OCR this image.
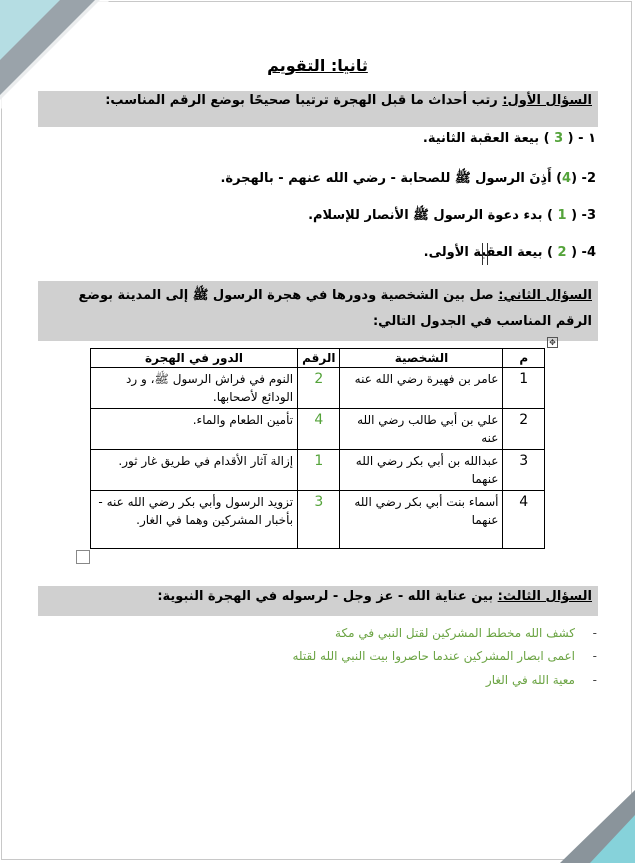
ثانيا: التقويم
السؤال الأول: رتب أحداث ما قبل الهجرة ترتيبا صحيحًا بوضع الرقم المناسب:
١ - ( 3 ) بيعة العقبة الثانية.
2- (4) أَذِنَ الرسول ﷺ للصحابة - رضي الله عنهم - بالهجرة.
3- ( 1 ) بدء دعوة الرسول ﷺ الأنصار للإسلام.
4- ( 2 ) بيعة العقبة الأولى.
السؤال الثاني: صل بين الشخصية ودورها في هجرة الرسول ﷺ إلى المدينة بوضع الرقم المناسب في الجدول التالي:
✥
م	الشخصية	الرقم	الدور في الهجرة
1	عامر بن فهيرة رضي الله عنه	2	النوم في فراش الرسول ﷺ، و رد الودائع لأصحابها.
2	علي بن أبي طالب رضي الله عنه	4	تأمين الطعام والماء.
3	عبدالله بن أبي بكر رضي الله عنهما	1	إزالة آثار الأقدام في طريق غار ثور.
4	أسماء بنت أبي بكر رضي الله عنهما	3	تزويد الرسول وأبي بكر رضي الله عنه - بأخبار المشركين وهما في الغار.
السؤال الثالث: بين عناية الله - عز وجل - لرسوله في الهجرة النبوية:
-كشف الله مخطط المشركين لقتل النبي في مكة
-اعمى ابصار المشركين عندما حاصروا بيت النبي الله لقتله
-معية الله في الغار
